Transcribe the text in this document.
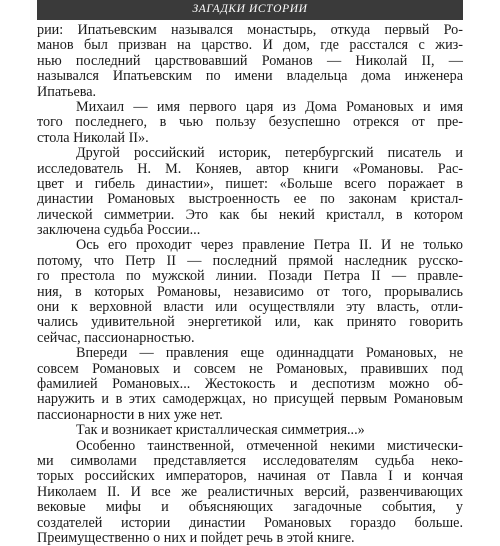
ЗАГАДКИ ИСТОРИИ
рии: Ипатьевским назывался монастырь, откуда первый Ро-
манов был призван на царство. И дом, где расстался с жиз-
нью последний царствовавший Романов — Николай II, —
назывался Ипатьевским по имени владельца дома инженера
Ипатьева.
Михаил — имя первого царя из Дома Романовых и имя
того последнего, в чью пользу безуспешно отрекся от пре-
стола Николай II».
Другой российский историк, петербургский писатель и
исследователь Н. М. Коняев, автор книги «Романовы. Рас-
цвет и гибель династии», пишет: «Больше всего поражает в
династии Романовых выстроенность ее по законам кристал-
лической симметрии. Это как бы некий кристалл, в котором
заключена судьба России...
Ось его проходит через правление Петра II. И не только
потому, что Петр II — последний прямой наследник русско-
го престола по мужской линии. Позади Петра II — правле-
ния, в которых Романовы, независимо от того, прорывались
они к верховной власти или осуществляли эту власть, отли-
чались удивительной энергетикой или, как принято говорить
сейчас, пассионарностью.
Впереди — правления еще одиннадцати Романовых, не
совсем Романовых и совсем не Романовых, правивших под
фамилией Романовых... Жестокость и деспотизм можно об-
наружить и в этих самодержцах, но присущей первым Романовым
пассионарности в них уже нет.
Так и возникает кристаллическая симметрия...»
Особенно таинственной, отмеченной некими мистически-
ми символами представляется исследователям судьба неко-
торых российских императоров, начиная от Павла I и кончая
Николаем II. И все же реалистичных версий, развенчивающих
вековые мифы и объясняющих загадочные события, у
создателей истории династии Романовых гораздо больше.
Преимущественно о них и пойдет речь в этой книге.
